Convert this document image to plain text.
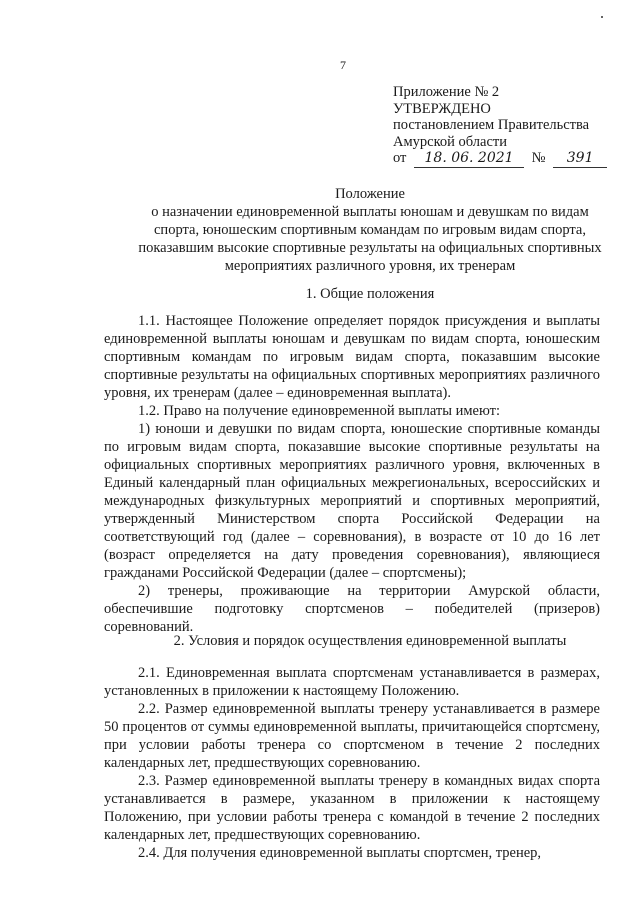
7
Приложение № 2
УТВЕРЖДЕНО
постановлением Правительства
Амурской области
от 18. 06. 2021 № 391
Положение
о назначении единовременной выплаты юношам и девушкам по видам
спорта, юношеским спортивным командам по игровым видам спорта,
показавшим высокие спортивные результаты на официальных спортивных
мероприятиях различного уровня, их тренерам
1. Общие положения

1.1. Настоящее Положение определяет порядок присуждения и выплаты единовременной выплаты юношам и девушкам по видам спорта, юношеским спортивным командам по игровым видам спорта, показавшим высокие спортивные результаты на официальных спортивных мероприятиях различного уровня, их тренерам (далее – единовременная выплата).

1.2. Право на получение единовременной выплаты имеют:

1) юноши и девушки по видам спорта, юношеские спортивные команды по игровым видам спорта, показавшие высокие спортивные результаты на официальных спортивных мероприятиях различного уровня, включенных в Единый календарный план официальных межрегиональных, всероссийских и международных физкультурных мероприятий и спортивных мероприятий, утвержденный Министерством спорта Российской Федерации на соответствующий год (далее – соревнования), в возрасте от 10 до 16 лет (возраст определяется на дату проведения соревнования), являющиеся гражданами Российской Федерации (далее – спортсмены);

2) тренеры, проживающие на территории Амурской области, обеспечившие подготовку спортсменов – победителей (призеров) соревнований.

2. Условия и порядок осуществления единовременной выплаты

2.1. Единовременная выплата спортсменам устанавливается в размерах, установленных в приложении к настоящему Положению.

2.2. Размер единовременной выплаты тренеру устанавливается в размере 50 процентов от суммы единовременной выплаты, причитающейся спортсмену, при условии работы тренера со спортсменом в течение 2 последних календарных лет, предшествующих соревнованию.

2.3. Размер единовременной выплаты тренеру в командных видах спорта устанавливается в размере, указанном в приложении к настоящему Положению, при условии работы тренера с командой в течение 2 последних календарных лет, предшествующих соревнованию.

2.4. Для получения единовременной выплаты спортсмен, тренер,
